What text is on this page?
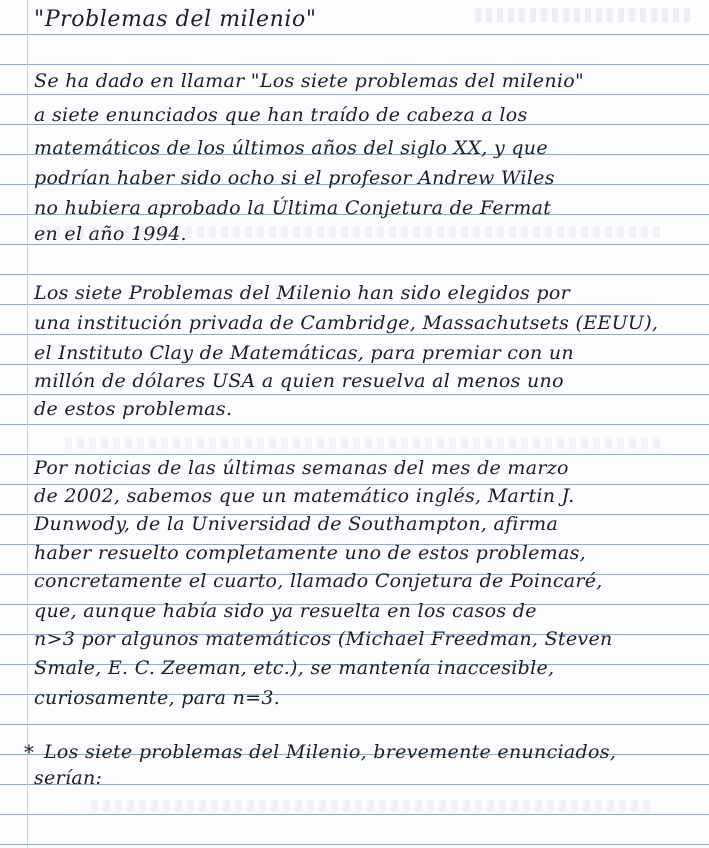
"Problemas del milenio"
Se ha dado en llamar "Los siete problemas del milenio"
a siete enunciados que han traído de cabeza a los
matemáticos de los últimos años del siglo XX, y que
podrían haber sido ocho si el profesor Andrew Wiles
no hubiera aprobado la Última Conjetura de Fermat
en el año 1994.
Los siete Problemas del Milenio han sido elegidos por
una institución privada de Cambridge, Massachutsets (EEUU),
el Instituto Clay de Matemáticas, para premiar con un
millón de dólares USA a quien resuelva al menos uno
de estos problemas.
Por noticias de las últimas semanas del mes de marzo
de 2002, sabemos que un matemático inglés, Martin J.
Dunwody, de la Universidad de Southampton, afirma
haber resuelto completamente uno de estos problemas,
concretamente el cuarto, llamado Conjetura de Poincaré,
que, aunque había sido ya resuelta en los casos de
n>3 por algunos matemáticos (Michael Freedman, Steven
Smale, E. C. Zeeman, etc.), se mantenía inaccesible,
curiosamente, para n=3.
* Los siete problemas del Milenio, brevemente enunciados,
serían:
